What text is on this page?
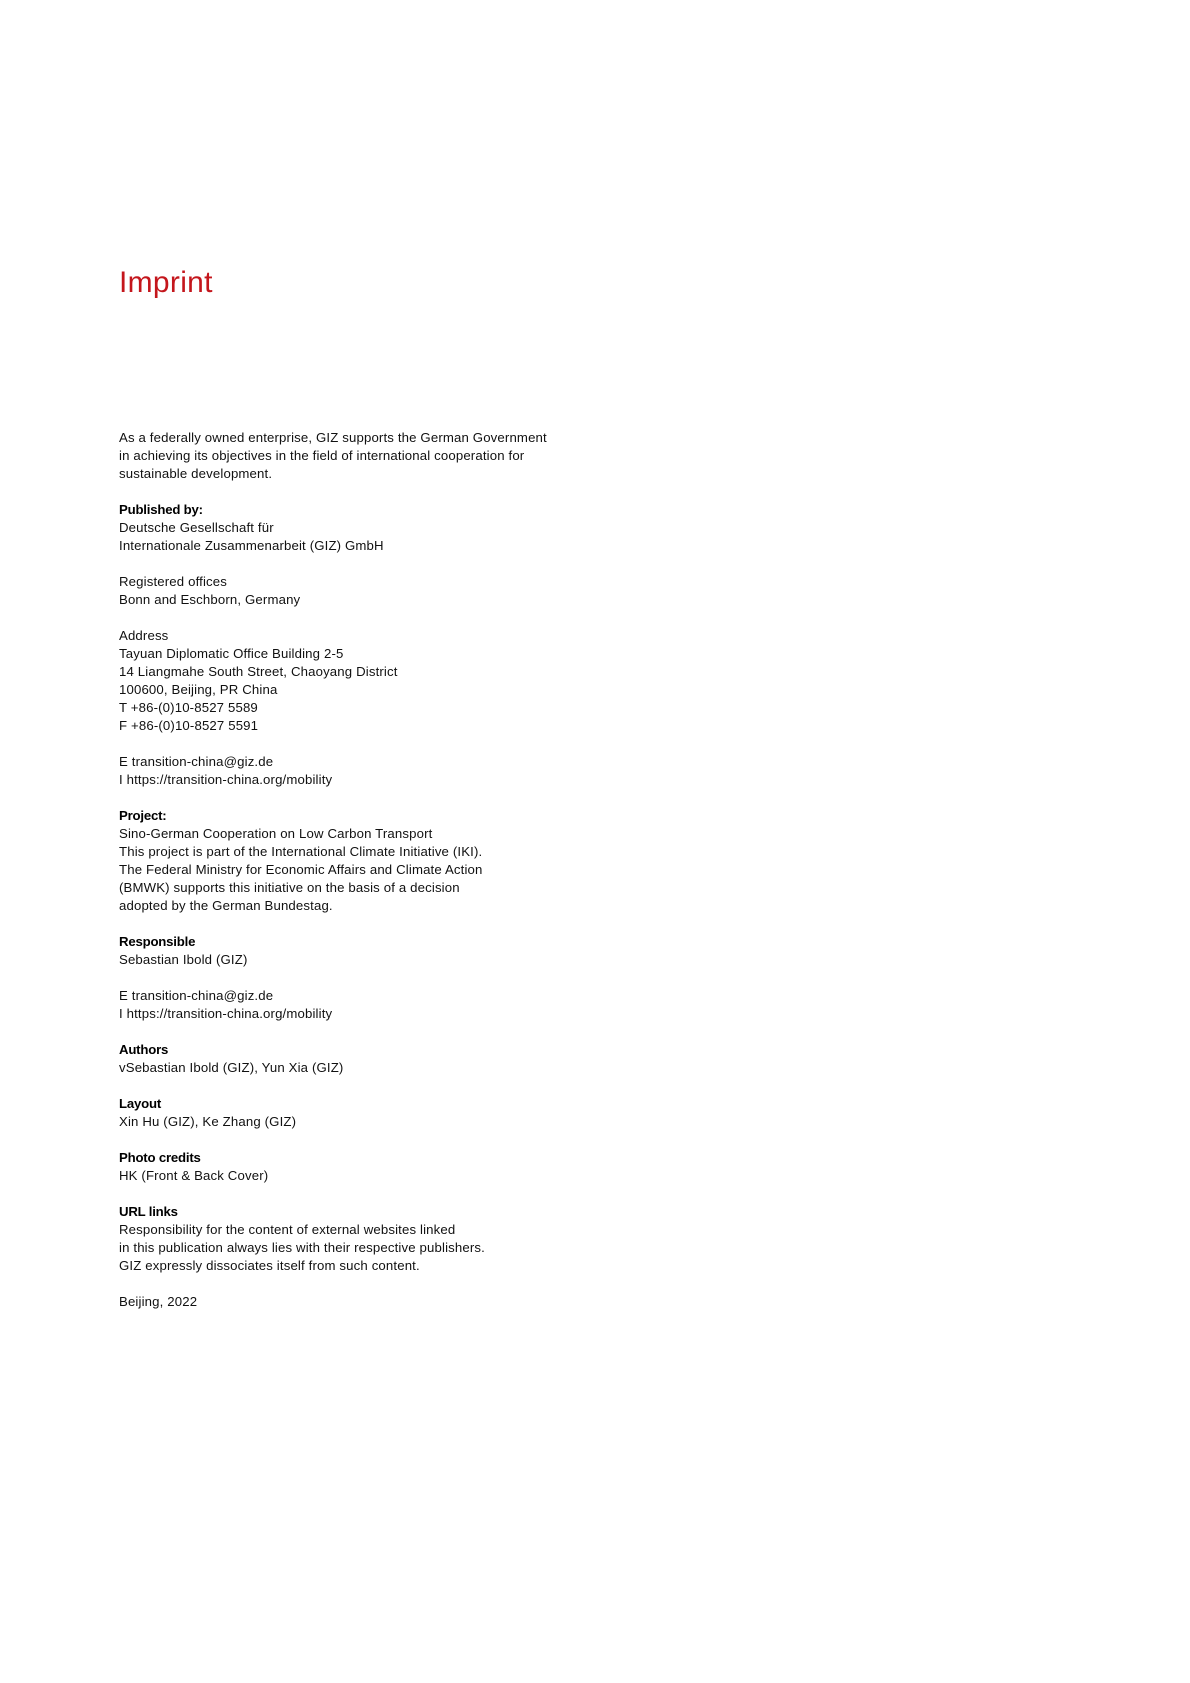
Imprint

As a federally owned enterprise, GIZ supports the German Government
in achieving its objectives in the field of international cooperation for
sustainable development.

Published by:
Deutsche Gesellschaft für
Internationale Zusammenarbeit (GIZ) GmbH
Registered offices
Bonn and Eschborn, Germany
Address
Tayuan Diplomatic Office Building 2-5
14 Liangmahe South Street, Chaoyang District
100600, Beijing, PR China
T +86-(0)10-8527 5589
F +86-(0)10-8527 5591
E transition-china@giz.de
I https://transition-china.org/mobility
Project:
Sino-German Cooperation on Low Carbon Transport
This project is part of the International Climate Initiative (IKI).
The Federal Ministry for Economic Affairs and Climate Action
(BMWK) supports this initiative on the basis of a decision
adopted by the German Bundestag.
Responsible
Sebastian Ibold (GIZ)
E transition-china@giz.de
I https://transition-china.org/mobility
Authors
vSebastian Ibold (GIZ), Yun Xia (GIZ)
Layout
Xin Hu (GIZ), Ke Zhang (GIZ)
Photo credits
HK (Front & Back Cover)
URL links
Responsibility for the content of external websites linked
in this publication always lies with their respective publishers.
GIZ expressly dissociates itself from such content.
Beijing, 2022
